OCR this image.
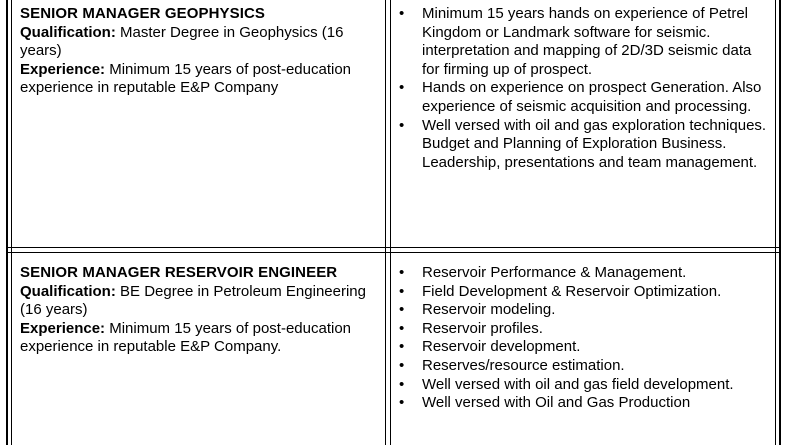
SENIOR MANAGER GEOPHYSICS
Qualification: Master Degree in Geophysics (16 years)
Experience: Minimum 15 years of post-education experience in reputable E&P Company
• Minimum 15 years hands on experience of Petrel Kingdom or Landmark software for seismic. interpretation and mapping of 2D/3D seismic data for firming up of prospect.
• Hands on experience on prospect Generation. Also experience of seismic acquisition and processing.
• Well versed with oil and gas exploration techniques. Budget and Planning of Exploration Business. Leadership, presentations and team management.
SENIOR MANAGER RESERVOIR ENGINEER
Qualification: BE Degree in Petroleum Engineering (16 years)
Experience: Minimum 15 years of post-education experience in reputable E&P Company.
• Reservoir Performance & Management.
• Field Development & Reservoir Optimization.
• Reservoir modeling.
• Reservoir profiles.
• Reservoir development.
• Reserves/resource estimation.
• Well versed with oil and gas field development.
• Well versed with Oil and Gas Production
